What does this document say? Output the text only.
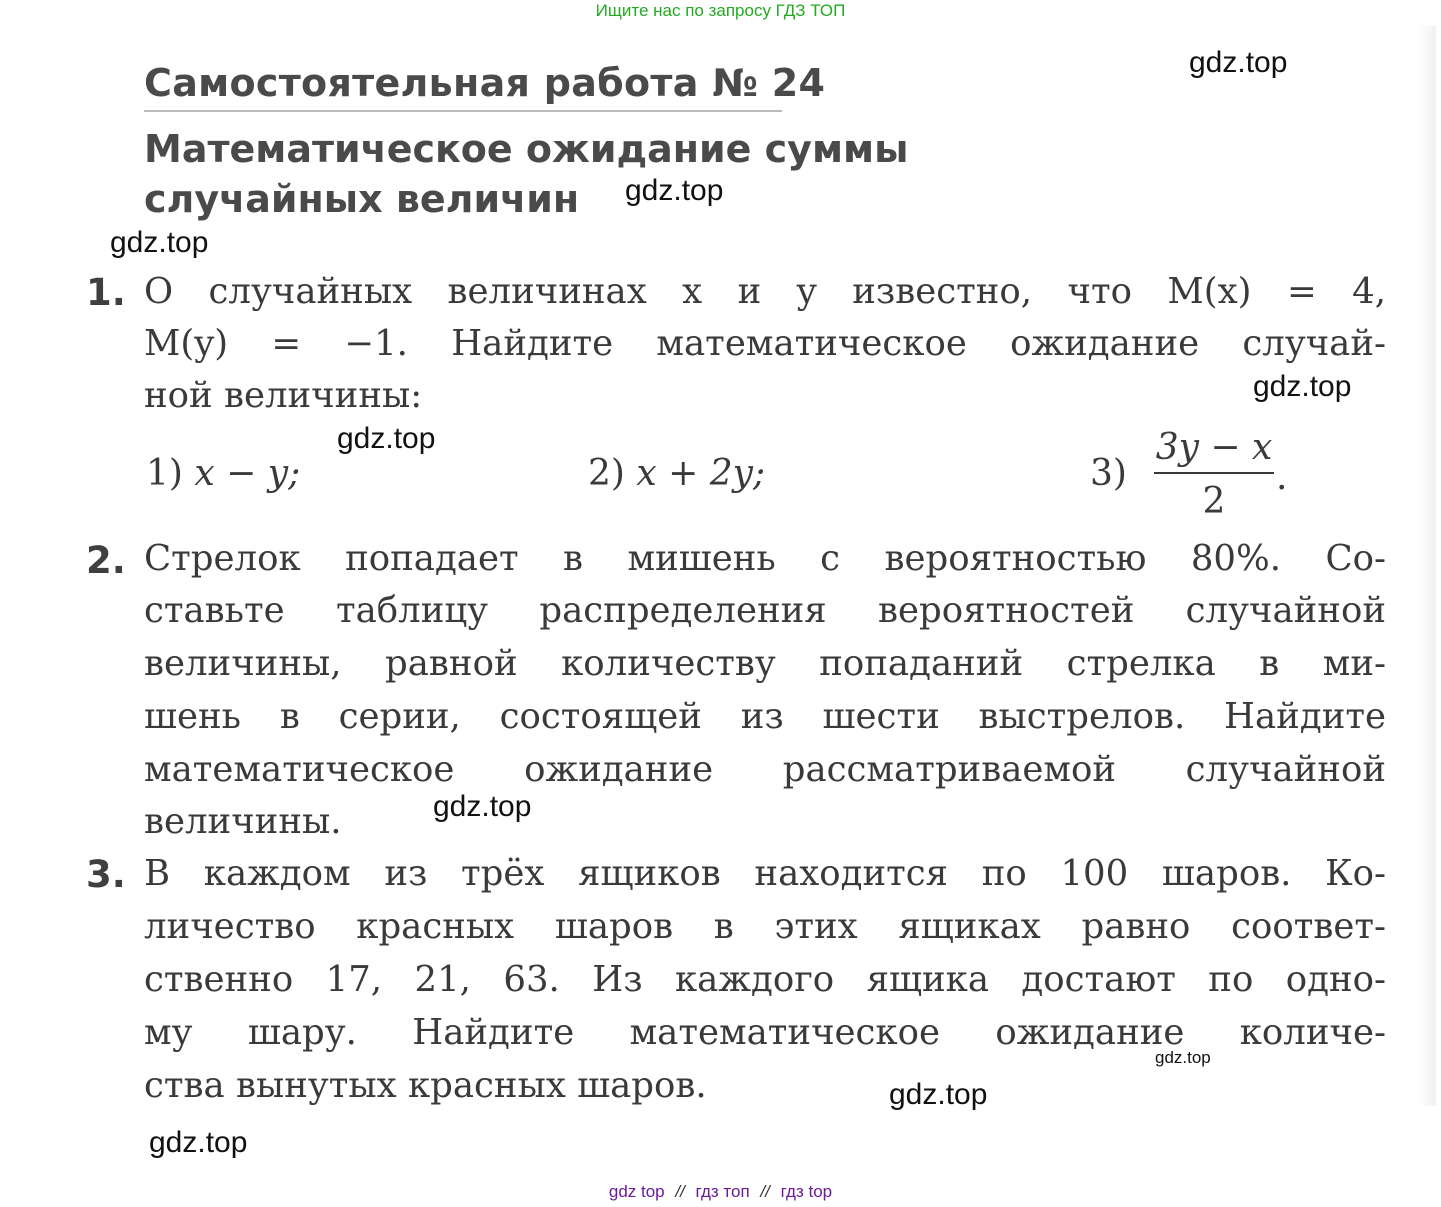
Ищите нас по запросу ГДЗ ТОП
Самостоятельная работа № 24
Математическое ожидание суммы
случайных величин
1. О случайных величинах x и y известно, что M(x) = 4,
M(y) = −1. Найдите математическое ожидание случай-
ной величины:
1) x − y;	2) x + 2y;	3)
3y − x
2
.
2. Стрелок попадает в мишень с вероятностью 80%. Со-
ставьте таблицу распределения вероятностей случайной
величины, равной количеству попаданий стрелка в ми-
шень в серии, состоящей из шести выстрелов. Найдите
математическое ожидание рассматриваемой случайной
величины.
3. В каждом из трёх ящиков находится по 100 шаров. Ко-
личество красных шаров в этих ящиках равно соответ-
ственно 17, 21, 63. Из каждого ящика достают по одно-
му шару. Найдите математическое ожидание количе-
ства вынутых красных шаров.
gdz.top
gdz.top
gdz.top
gdz.top
gdz.top
gdz.top
gdz.top
gdz.top
gdz.top
gdz top // гдз топ // гдз top
